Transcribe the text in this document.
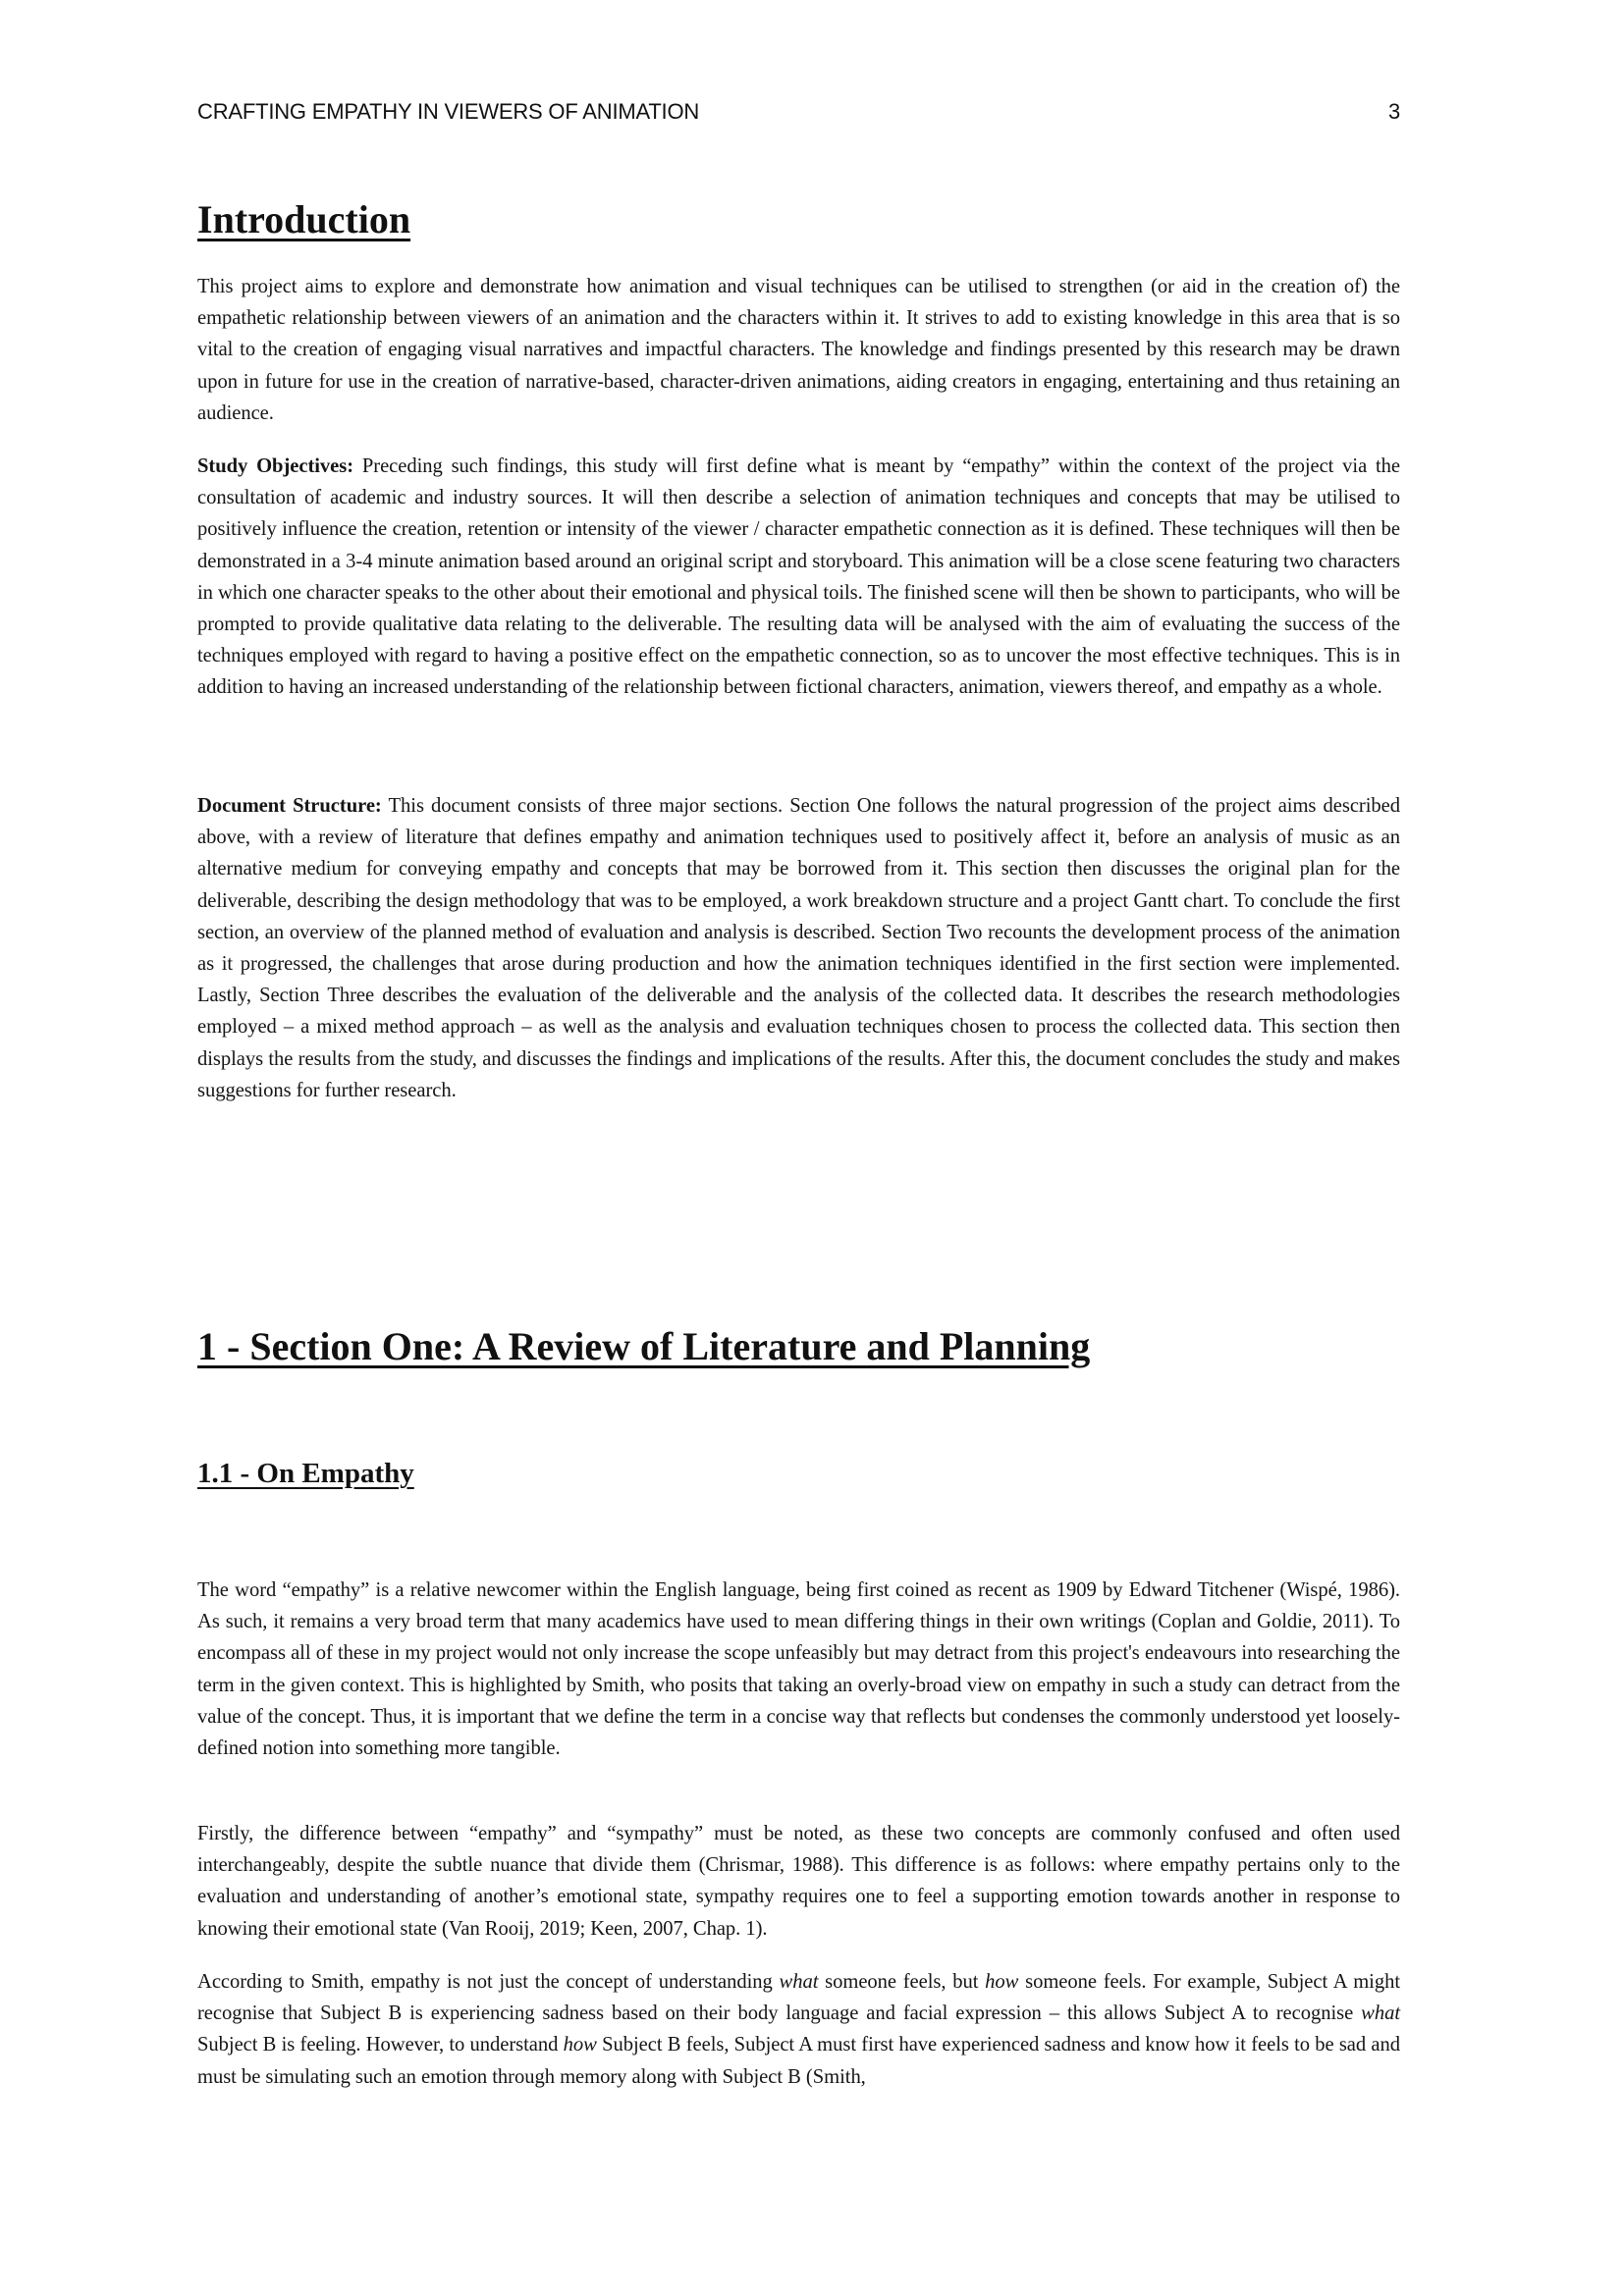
CRAFTING EMPATHY IN VIEWERS OF ANIMATION	3
Introduction

This project aims to explore and demonstrate how animation and visual techniques can be utilised to strengthen (or aid in the creation of) the empathetic relationship between viewers of an animation and the characters within it. It strives to add to existing knowledge in this area that is so vital to the creation of engaging visual narratives and impactful characters. The knowledge and findings presented by this research may be drawn upon in future for use in the creation of narrative-based, character-driven animations, aiding creators in engaging, entertaining and thus retaining an audience.

Study Objectives: Preceding such findings, this study will first define what is meant by “empathy” within the context of the project via the consultation of academic and industry sources. It will then describe a selection of animation techniques and concepts that may be utilised to positively influence the creation, retention or intensity of the viewer / character empathetic connection as it is defined. These techniques will then be demonstrated in a 3-4 minute animation based around an original script and storyboard. This animation will be a close scene featuring two characters in which one character speaks to the other about their emotional and physical toils. The finished scene will then be shown to participants, who will be prompted to provide qualitative data relating to the deliverable. The resulting data will be analysed with the aim of evaluating the success of the techniques employed with regard to having a positive effect on the empathetic connection, so as to uncover the most effective techniques. This is in addition to having an increased understanding of the relationship between fictional characters, animation, viewers thereof, and empathy as a whole.

Document Structure: This document consists of three major sections. Section One follows the natural progression of the project aims described above, with a review of literature that defines empathy and animation techniques used to positively affect it, before an analysis of music as an alternative medium for conveying empathy and concepts that may be borrowed from it. This section then discusses the original plan for the deliverable, describing the design methodology that was to be employed, a work breakdown structure and a project Gantt chart. To conclude the first section, an overview of the planned method of evaluation and analysis is described. Section Two recounts the development process of the animation as it progressed, the challenges that arose during production and how the animation techniques identified in the first section were implemented. Lastly, Section Three describes the evaluation of the deliverable and the analysis of the collected data. It describes the research methodologies employed – a mixed method approach – as well as the analysis and evaluation techniques chosen to process the collected data. This section then displays the results from the study, and discusses the findings and implications of the results. After this, the document concludes the study and makes suggestions for further research.

1 - Section One: A Review of Literature and Planning
1.1 - On Empathy

The word “empathy” is a relative newcomer within the English language, being first coined as recent as 1909 by Edward Titchener (Wispé, 1986). As such, it remains a very broad term that many academics have used to mean differing things in their own writings (Coplan and Goldie, 2011). To encompass all of these in my project would not only increase the scope unfeasibly but may detract from this project's endeavours into researching the term in the given context. This is highlighted by Smith, who posits that taking an overly-broad view on empathy in such a study can detract from the value of the concept. Thus, it is important that we define the term in a concise way that reflects but condenses the commonly understood yet loosely-defined notion into something more tangible.

Firstly, the difference between “empathy” and “sympathy” must be noted, as these two concepts are commonly confused and often used interchangeably, despite the subtle nuance that divide them (Chrismar, 1988). This difference is as follows: where empathy pertains only to the evaluation and understanding of another’s emotional state, sympathy requires one to feel a supporting emotion towards another in response to knowing their emotional state (Van Rooij, 2019; Keen, 2007, Chap. 1).

According to Smith, empathy is not just the concept of understanding what someone feels, but how someone feels. For example, Subject A might recognise that Subject B is experiencing sadness based on their body language and facial expression – this allows Subject A to recognise what Subject B is feeling. However, to understand how Subject B feels, Subject A must first have experienced sadness and know how it feels to be sad and must be simulating such an emotion through memory along with Subject B (Smith,
